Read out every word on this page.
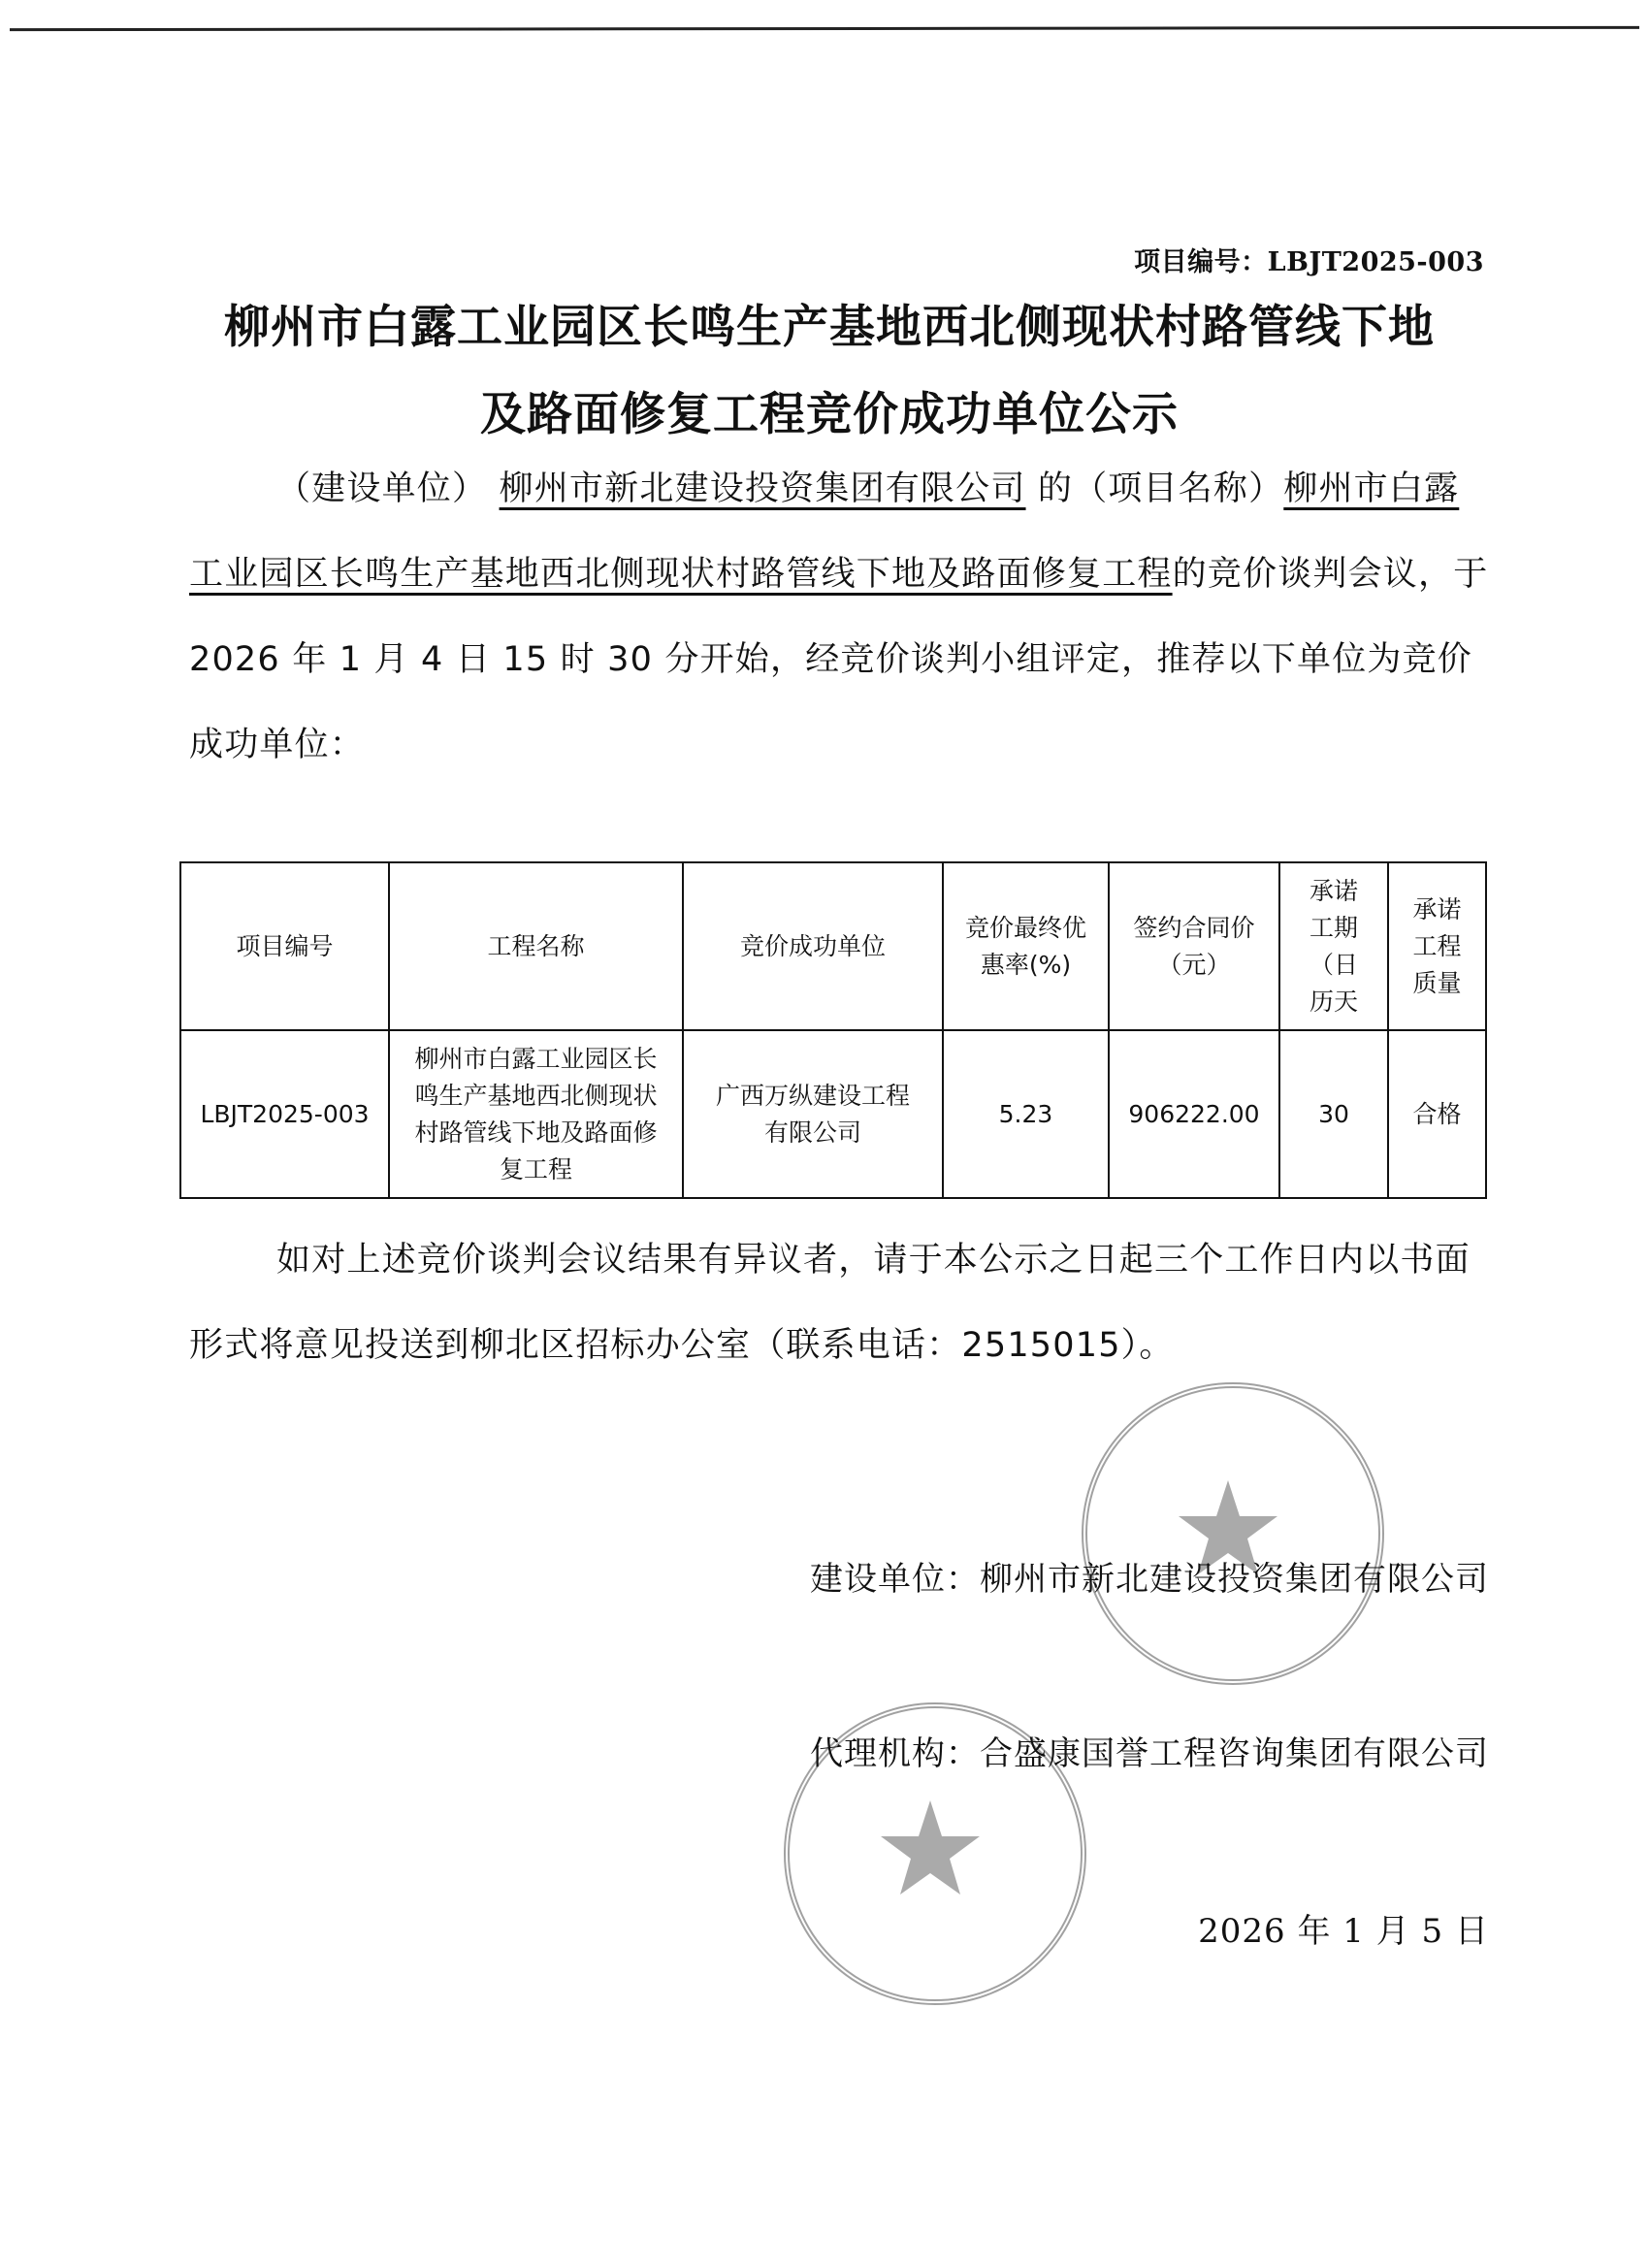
项目编号：LBJT2025-003
柳州市白露工业园区长鸣生产基地西北侧现状村路管线下地
及路面修复工程竞价成功单位公示
（建设单位） 柳州市新北建设投资集团有限公司 的（项目名称）柳州市白露工业园区长鸣生产基地西北侧现状村路管线下地及路面修复工程的竞价谈判会议，于 2026 年 1 月 4 日 15 时 30 分开始，经竞价谈判小组评定，推荐以下单位为竞价成功单位：
项目编号	工程名称	竞价成功单位	竞价最终优惠率(%)	签约合同价（元）	承诺工期（日历天	承诺工程质量
LBJT2025-003	柳州市白露工业园区长鸣生产基地西北侧现状村路管线下地及路面修复工程	广西万纵建设工程有限公司	5.23	906222.00	30	合格
如对上述竞价谈判会议结果有异议者，请于本公示之日起三个工作日内以书面形式将意见投送到柳北区招标办公室（联系电话：2515015）。
建设单位：柳州市新北建设投资集团有限公司
代理机构：合盛康国誉工程咨询集团有限公司
2026 年 1 月 5 日
